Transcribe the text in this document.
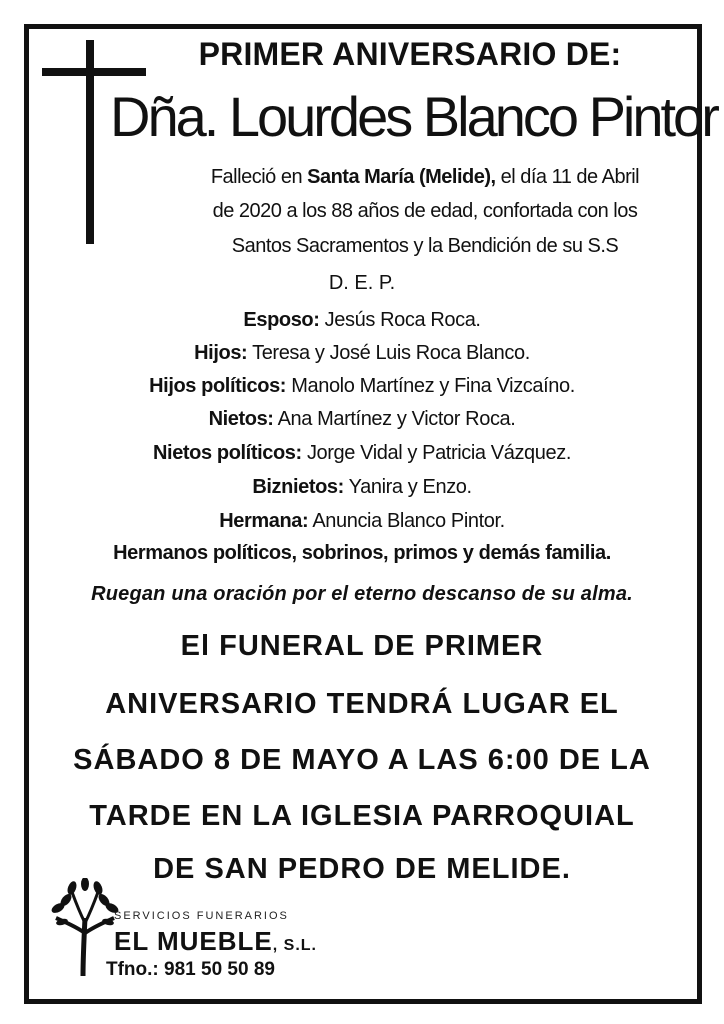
PRIMER ANIVERSARIO DE:
Dña. Lourdes Blanco Pintor
Falleció en Santa María (Melide), el día 11 de Abril
de 2020 a los 88 años de edad, confortada con los
Santos Sacramentos y la Bendición de su S.S
D. E. P.
Esposo: Jesús Roca Roca.
Hijos: Teresa y José Luis Roca Blanco.
Hijos políticos: Manolo Martínez y Fina Vizcaíno.
Nietos: Ana Martínez y Victor Roca.
Nietos políticos: Jorge Vidal y Patricia Vázquez.
Biznietos: Yanira y Enzo.
Hermana: Anuncia Blanco Pintor.
Hermanos políticos, sobrinos, primos y demás familia.
Ruegan una oración por el eterno descanso de su alma.
El FUNERAL DE PRIMER
ANIVERSARIO TENDRÁ LUGAR EL
SÁBADO 8 DE MAYO A LAS 6:00 DE LA
TARDE EN LA IGLESIA PARROQUIAL
DE SAN PEDRO DE MELIDE.
SERVICIOS FUNERARIOS
EL MUEBLE, S.L.
Tfno.: 981 50 50 89
